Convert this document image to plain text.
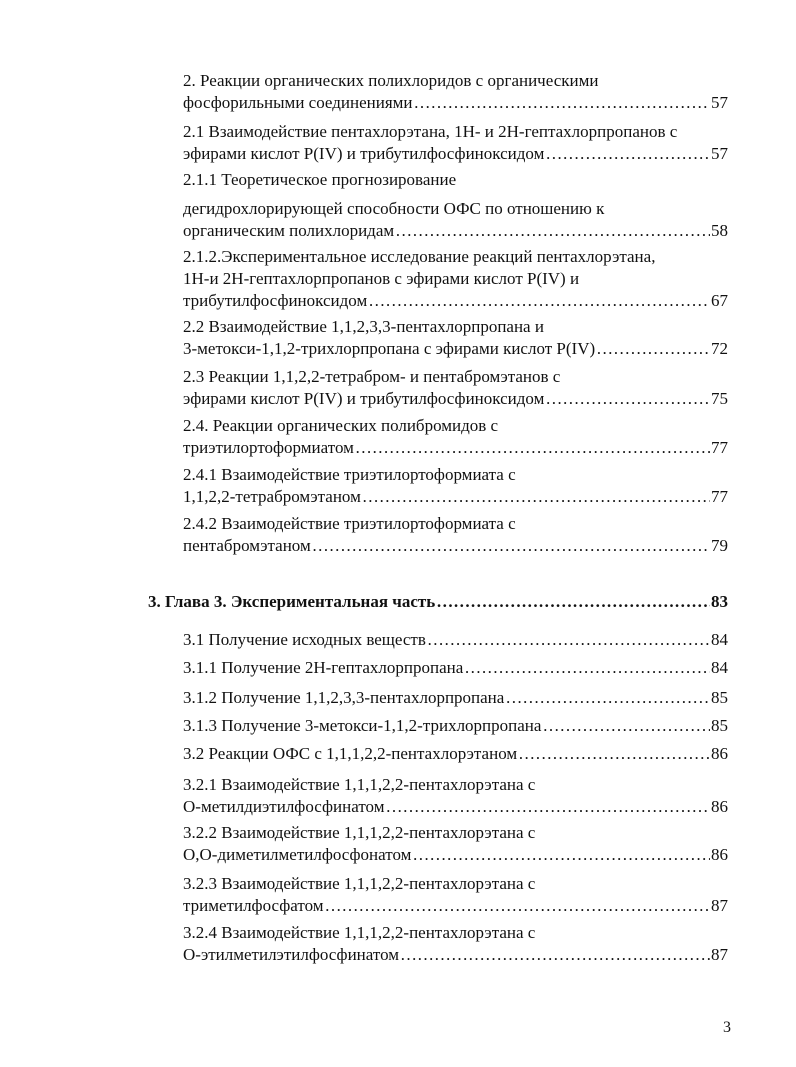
2. Реакции органических полихлоридов с органическими
фосфорильными соединениями …………………………………………………………………………………………………………………	57
2.1 Взаимодействие пентахлорэтана, 1Н- и 2Н-гептахлорпропанов с
эфирами кислот Р(IV) и трибутилфосфиноксидом …………………………………………………………………………………………………………………	57
2.1.1 Теоретическое прогнозирование
дегидрохлорирующей способности ОФС по отношению к
органическим полихлоридам …………………………………………………………………………………………………………………	58
2.1.2.Экспериментальное исследование реакций пентахлорэтана,
1Н-и 2Н-гептахлорпропанов с эфирами кислот Р(IV) и
трибутилфосфиноксидом …………………………………………………………………………………………………………………	67
2.2 Взаимодействие 1,1,2,3,3-пентахлорпропана и
3-метокси-1,1,2-трихлорпропана с эфирами кислот Р(IV) …………………………………………………………………………………………………………………	72
2.3 Реакции 1,1,2,2-тетрабром- и пентабромэтанов с
эфирами кислот Р(IV) и трибутилфосфиноксидом …………………………………………………………………………………………………………………	75
2.4. Реакции органических полибромидов с
триэтилортоформиатом …………………………………………………………………………………………………………………	77
2.4.1 Взаимодействие триэтилортоформиата с
1,1,2,2-тетрабромэтаном …………………………………………………………………………………………………………………	77
2.4.2 Взаимодействие триэтилортоформиата с
пентабромэтаном …………………………………………………………………………………………………………………	79
3. Глава 3. Экспериментальная часть …………………………………………………………………………………………………………………	83
3.1 Получение исходных веществ …………………………………………………………………………………………………………………	84
3.1.1 Получение 2Н-гептахлорпропана …………………………………………………………………………………………………………………	84
3.1.2 Получение 1,1,2,3,3-пентахлорпропана …………………………………………………………………………………………………………………	85
3.1.3 Получение 3-метокси-1,1,2-трихлорпропана …………………………………………………………………………………………………………………	85
3.2 Реакции ОФС с 1,1,1,2,2-пентахлорэтаном …………………………………………………………………………………………………………………	86
3.2.1 Взаимодействие 1,1,1,2,2-пентахлорэтана с
О-метилдиэтилфосфинатом …………………………………………………………………………………………………………………	86
3.2.2 Взаимодействие 1,1,1,2,2-пентахлорэтана с
О,О-диметилметилфосфонатом …………………………………………………………………………………………………………………	86
3.2.3 Взаимодействие 1,1,1,2,2-пентахлорэтана с
триметилфосфатом …………………………………………………………………………………………………………………	87
3.2.4 Взаимодействие 1,1,1,2,2-пентахлорэтана с
О-этилметилэтилфосфинатом …………………………………………………………………………………………………………………	87
3
